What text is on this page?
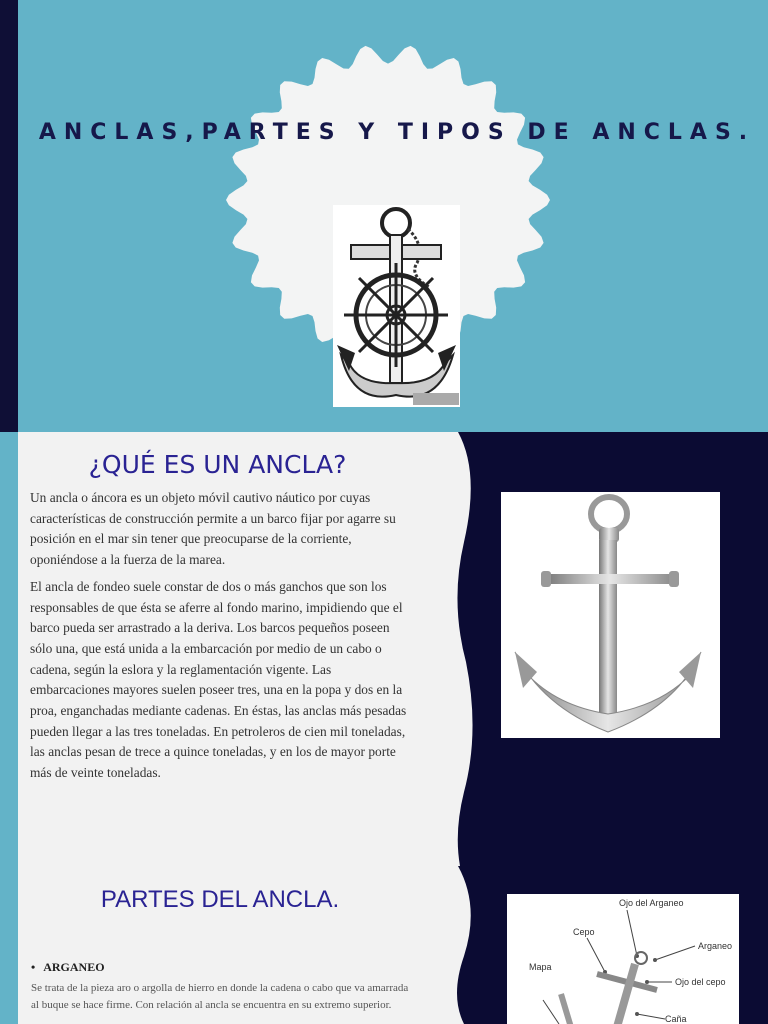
ANCLAS,PARTES Y TIPOS DE ANCLAS.
¿QUÉ ES UN ANCLA?

Un ancla o áncora es un objeto móvil cautivo náutico por cuyas características de construcción permite a un barco fijar por agarre su posición en el mar sin tener que preocuparse de la corriente, oponiéndose a la fuerza de la marea.

El ancla de fondeo suele constar de dos o más ganchos que son los responsables de que ésta se aferre al fondo marino, impidiendo que el barco pueda ser arrastrado a la deriva. Los barcos pequeños poseen sólo una, que está unida a la embarcación por medio de un cabo o cadena, según la eslora y la reglamentación vigente. Las embarcaciones mayores suelen poseer tres, una en la popa y dos en la proa, enganchadas mediante cadenas. En éstas, las anclas más pesadas pueden llegar a las tres toneladas. En petroleros de cien mil toneladas, las anclas pesan de trece a quince toneladas, y en los de mayor porte más de veinte toneladas.

PARTES DEL ANCLA.
• ARGANEO
Se trata de la pieza aro o argolla de hierro en donde la cadena o cabo que va amarrada al buque se hace firme. Con relación al ancla se encuentra en su extremo superior.
Ojo del Arganeo
Cepo
Arganeo
Mapa
Ojo del cepo
Caña
